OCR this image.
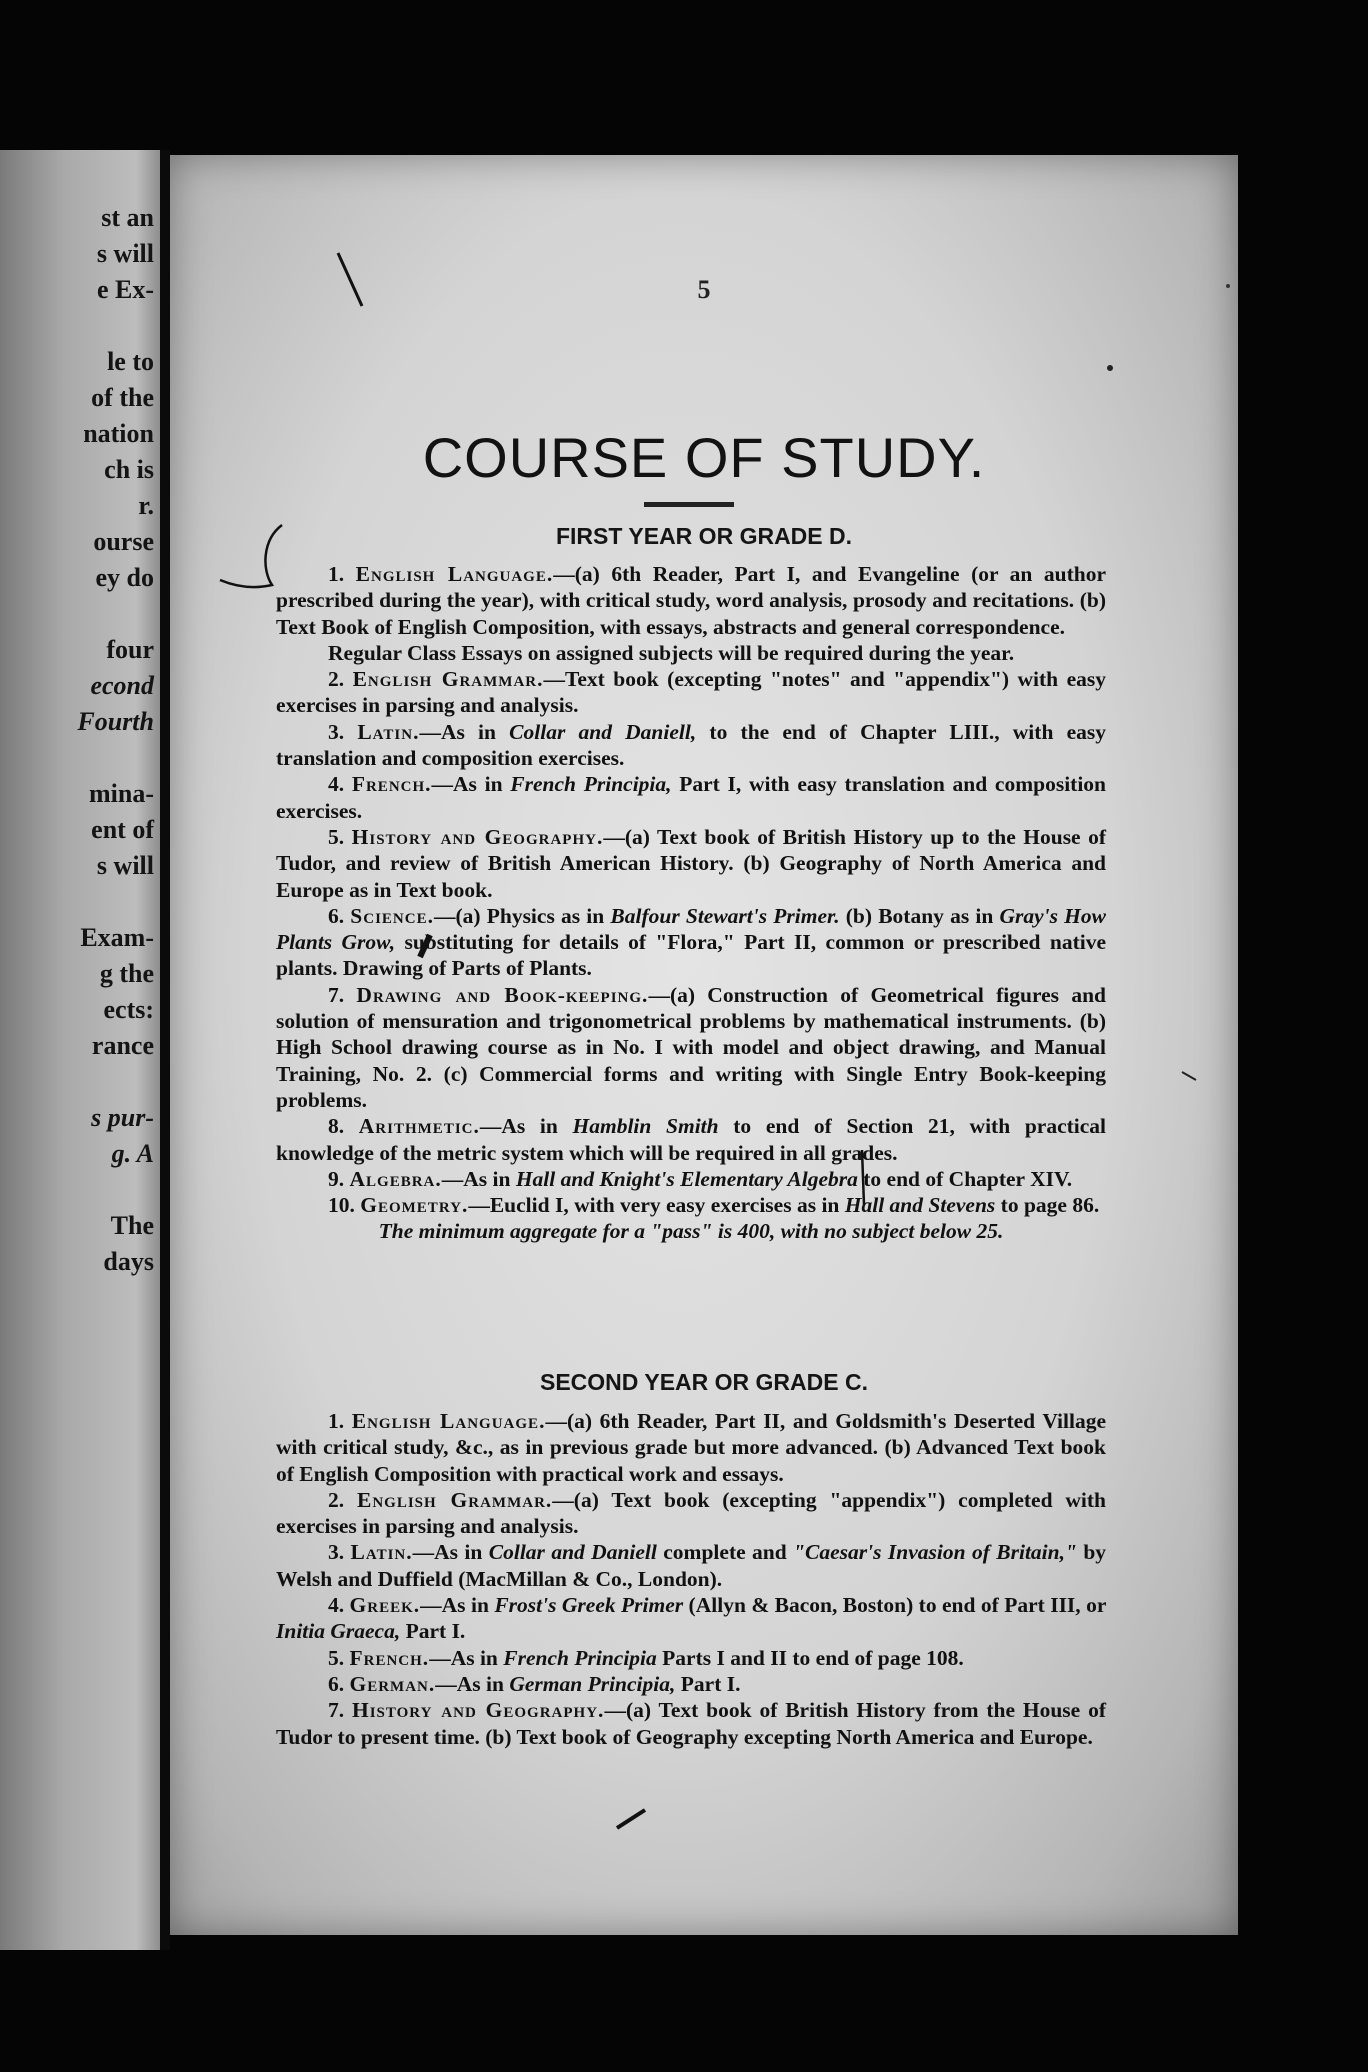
st an
s will
e Ex-
le to
of the
nation
ch is
r.
ourse
ey do
four
econd
Fourth
mina-
ent of
s will
Exam-
g the
ects:
rance
s pur-
g. A
The
days
5
COURSE OF STUDY.
FIRST YEAR OR GRADE D.

1. English Language.—(a) 6th Reader, Part I, and Evangeline (or an author prescribed during the year), with critical study, word analysis, prosody and recitations. (b) Text Book of English Composition, with essays, abstracts and general correspondence.

Regular Class Essays on assigned subjects will be required during the year.

2. English Grammar.—Text book (excepting "notes" and "appendix") with easy exercises in parsing and analysis.

3. Latin.—As in Collar and Daniell, to the end of Chapter LIII., with easy translation and composition exercises.

4. French.—As in French Principia, Part I, with easy translation and composition exercises.

5. History and Geography.—(a) Text book of British History up to the House of Tudor, and review of British American History. (b) Geography of North America and Europe as in Text book.

6. Science.—(a) Physics as in Balfour Stewart's Primer. (b) Botany as in Gray's How Plants Grow, substituting for details of "Flora," Part II, common or prescribed native plants. Drawing of Parts of Plants.

7. Drawing and Book-keeping.—(a) Construction of Geometrical figures and solution of mensuration and trigonometrical problems by mathematical instruments. (b) High School drawing course as in No. I with model and object drawing, and Manual Training, No. 2. (c) Commercial forms and writing with Single Entry Book-keeping problems.

8. Arithmetic.—As in Hamblin Smith to end of Section 21, with practical knowledge of the metric system which will be required in all grades.

9. Algebra.—As in Hall and Knight's Elementary Algebra to end of Chapter XIV.

10. Geometry.—Euclid I, with very easy exercises as in Hall and Stevens to page 86.

The minimum aggregate for a "pass" is 400, with no subject below 25.

SECOND YEAR OR GRADE C.

1. English Language.—(a) 6th Reader, Part II, and Goldsmith's Deserted Village with critical study, &c., as in previous grade but more advanced. (b) Advanced Text book of English Composition with practical work and essays.

2. English Grammar.—(a) Text book (excepting "appendix") completed with exercises in parsing and analysis.

3. Latin.—As in Collar and Daniell complete and "Caesar's Invasion of Britain," by Welsh and Duffield (MacMillan & Co., London).

4. Greek.—As in Frost's Greek Primer (Allyn & Bacon, Boston) to end of Part III, or Initia Graeca, Part I.

5. French.—As in French Principia Parts I and II to end of page 108.

6. German.—As in German Principia, Part I.

7. History and Geography.—(a) Text book of British History from the House of Tudor to present time. (b) Text book of Geography excepting North America and Europe.
